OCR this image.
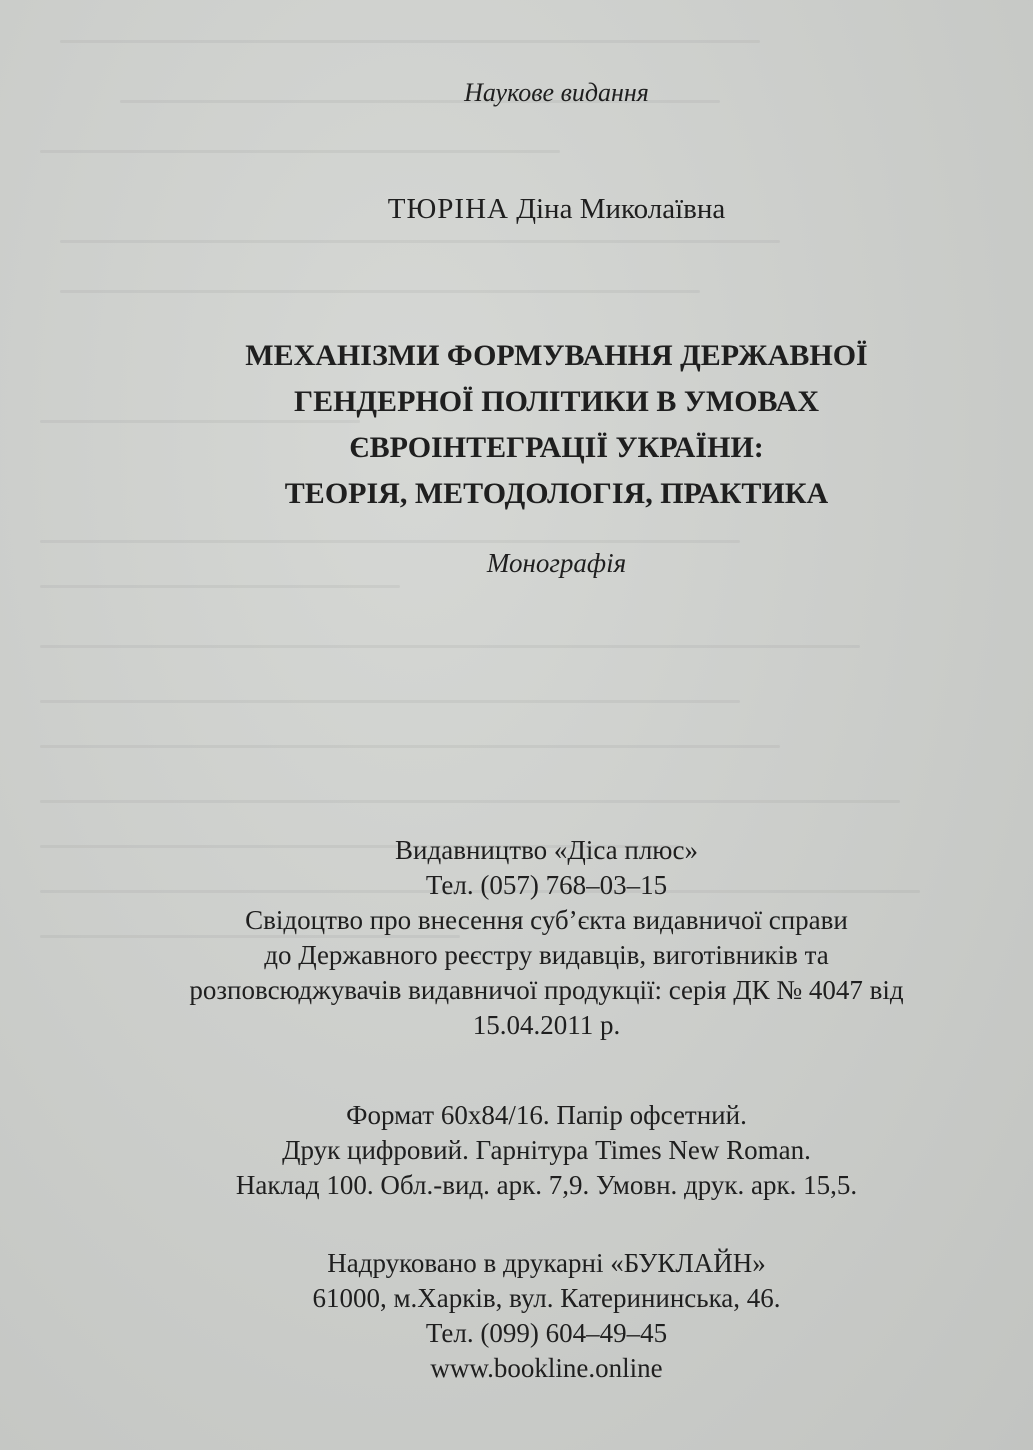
Наукове видання
ТЮРІНА Діна Миколаївна
МЕХАНІЗМИ ФОРМУВАННЯ ДЕРЖАВНОЇ
ГЕНДЕРНОЇ ПОЛІТИКИ В УМОВАХ
ЄВРОІНТЕГРАЦІЇ УКРАЇНИ:
ТЕОРІЯ, МЕТОДОЛОГІЯ, ПРАКТИКА
Монографія
Видавництво «Діса плюс»
Тел. (057) 768–03–15
Свідоцтво про внесення суб’єкта видавничої справи
до Державного реєстру видавців, виготівників та
розповсюджувачів видавничої продукції: серія ДК № 4047 від
15.04.2011 р.
Формат 60х84/16. Папір офсетний.
Друк цифровий. Гарнітура Times New Roman.
Наклад 100. Обл.-вид. арк. 7,9. Умовн. друк. арк. 15,5.
Надруковано в друкарні «БУКЛАЙН»
61000, м.Харків, вул. Катерининська, 46.
Тел. (099) 604–49–45
www.bookline.online
